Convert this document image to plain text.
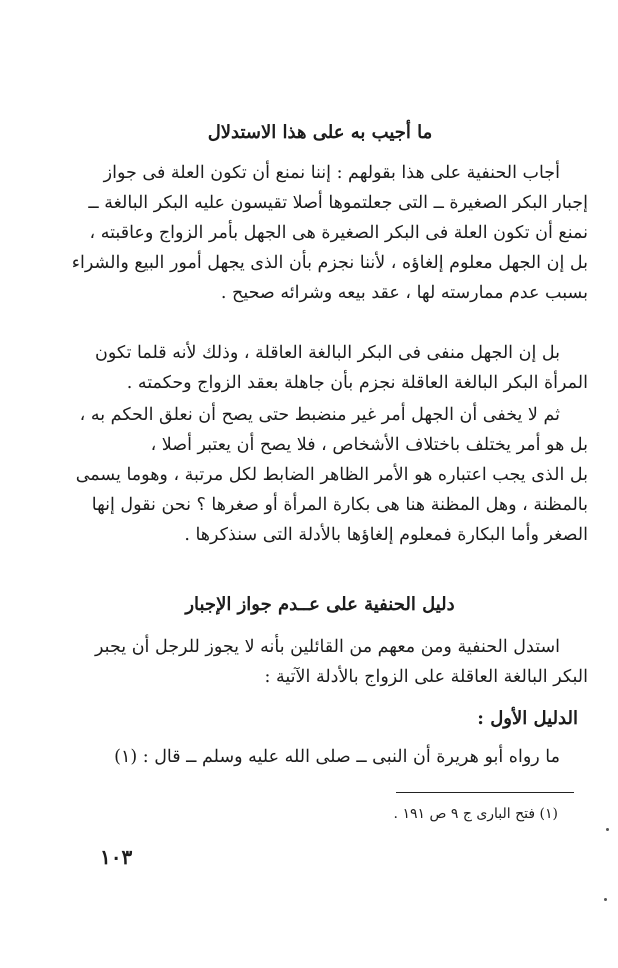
ما أجيب به على هذا الاستدلال
أجاب الحنفية على هذا بقولهم : إننا نمنع أن تكون العلة فى جواز
إجبار البكر الصغيرة ــ التى جعلتموها أصلا تقيسون عليه البكر البالغة ــ
نمنع أن تكون العلة فى البكر الصغيرة هى الجهل بأمر الزواج وعاقبته ،
بل إن الجهل معلوم إلغاؤه ، لأننا نجزم بأن الذى يجهل أمور البيع والشراء
بسبب عدم ممارسته لها ، عقد بيعه وشرائه صحيح .
بل إن الجهل منفى فى البكر البالغة العاقلة ، وذلك لأنه قلما تكون
المرأة البكر البالغة العاقلة نجزم بأن جاهلة بعقد الزواج وحكمته .
ثم لا يخفى أن الجهل أمر غير منضبط حتى يصح أن نعلق الحكم به ،
بل هو أمر يختلف باختلاف الأشخاص ، فلا يصح أن يعتبر أصلا ،
بل الذى يجب اعتباره هو الأمر الظاهر الضابط لكل مرتبة ، وهوما يسمى
بالمظنة ، وهل المظنة هنا هى بكارة المرأة أو صغرها ؟ نحن نقول إنها
الصغر وأما البكارة فمعلوم إلغاؤها بالأدلة التى سنذكرها .
دليل الحنفية على عــدم جواز الإجبار
استدل الحنفية ومن معهم من القائلين بأنه لا يجوز للرجل أن يجبر
البكر البالغة العاقلة على الزواج بالأدلة الآتية :
الدليل الأول :
ما رواه أبو هريرة أن النبى ــ صلى الله عليه وسلم ــ قال : (١)
(١) فتح البارى ج ٩ ص ١٩١ .
١٠٣
